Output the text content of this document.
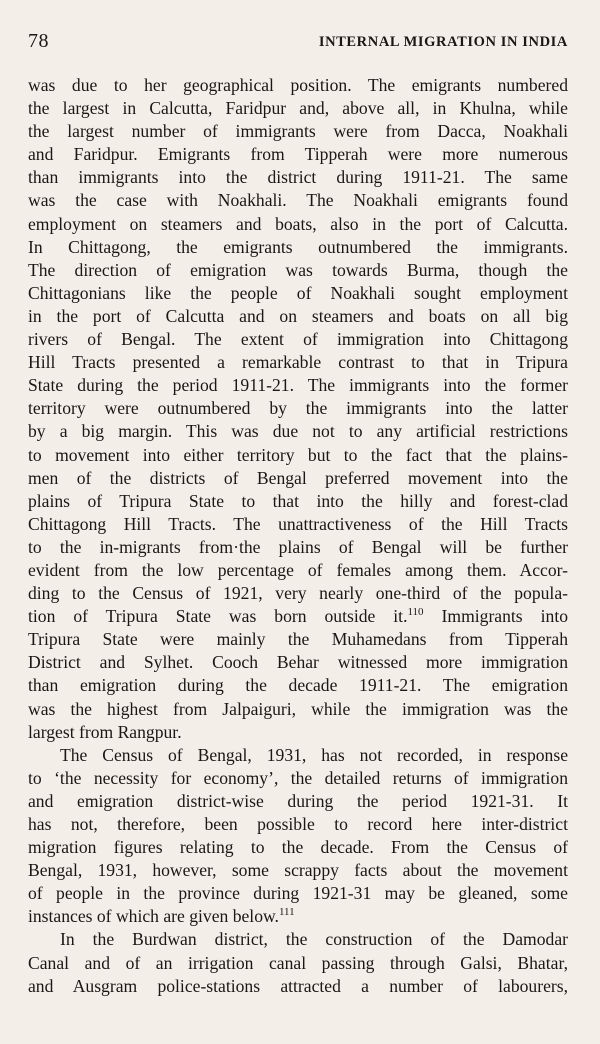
78	INTERNAL MIGRATION IN INDIA
was due to her geographical position. The emigrants numbered
the largest in Calcutta, Faridpur and, above all, in Khulna, while
the largest number of immigrants were from Dacca, Noakhali
and Faridpur. Emigrants from Tipperah were more numerous
than immigrants into the district during 1911-21. The same
was the case with Noakhali. The Noakhali emigrants found
employment on steamers and boats, also in the port of Calcutta.
In Chittagong, the emigrants outnumbered the immigrants.
The direction of emigration was towards Burma, though the
Chittagonians like the people of Noakhali sought employment
in the port of Calcutta and on steamers and boats on all big
rivers of Bengal. The extent of immigration into Chittagong
Hill Tracts presented a remarkable contrast to that in Tripura
State during the period 1911-21. The immigrants into the former
territory were outnumbered by the immigrants into the latter
by a big margin. This was due not to any artificial restrictions
to movement into either territory but to the fact that the plains-
men of the districts of Bengal preferred movement into the
plains of Tripura State to that into the hilly and forest-clad
Chittagong Hill Tracts. The unattractiveness of the Hill Tracts
to the in-migrants from·the plains of Bengal will be further
evident from the low percentage of females among them. Accor-
ding to the Census of 1921, very nearly one-third of the popula-
tion of Tripura State was born outside it.$^{110}$ Immigrants into
Tripura State were mainly the Muhamedans from Tipperah
District and Sylhet. Cooch Behar witnessed more immigration
than emigration during the decade 1911-21. The emigration
was the highest from Jalpaiguri, while the immigration was the
largest from Rangpur.
The Census of Bengal, 1931, has not recorded, in response
to ‘the necessity for economy’, the detailed returns of immigration
and emigration district-wise during the period 1921-31. It
has not, therefore, been possible to record here inter-district
migration figures relating to the decade. From the Census of
Bengal, 1931, however, some scrappy facts about the movement
of people in the province during 1921-31 may be gleaned, some
instances of which are given below.$^{111}$
In the Burdwan district, the construction of the Damodar
Canal and of an irrigation canal passing through Galsi, Bhatar,
and Ausgram police-stations attracted a number of labourers,
